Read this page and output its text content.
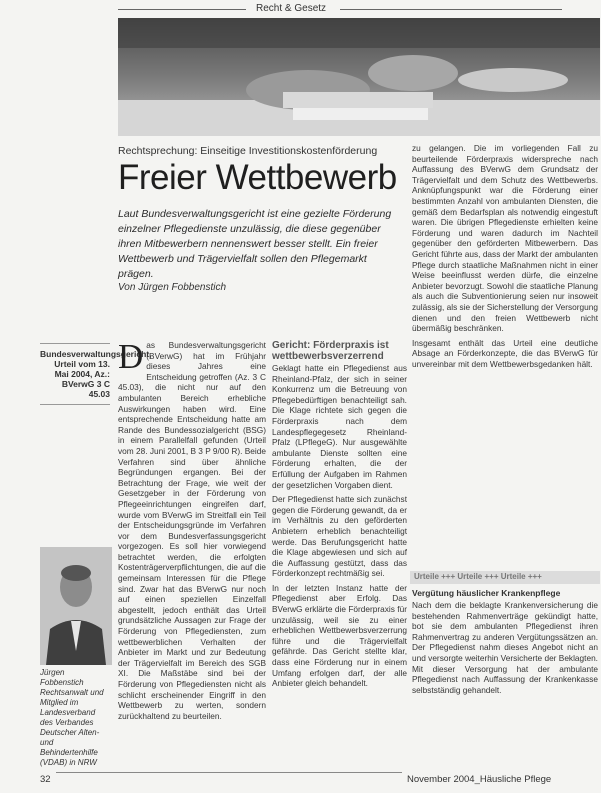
Recht & Gesetz
Rechtsprechung: Einseitige Investitionskostenförderung
Freier Wettbewerb
Laut Bundesverwaltungsgericht ist eine gezielte Förderung einzelner Pflegedienste unzulässig, die diese gegenüber ihren Mitbewerbern nennenswert besser stellt. Ein freier Wettbewerb und Trägervielfalt sollen den Pflegemarkt prägen.
Von Jürgen Fobbenstich
Bundesverwaltungsgericht, Urteil vom 13. Mai 2004, Az.: BVerwG 3 C 45.03
Jürgen Fobbenstich Rechtsanwalt und Mitglied im Landesverband des Verbandes Deutscher Alten- und Behindertenhilfe (VDAB) in NRW
Das Bundesverwaltungsgericht (BVerwG) hat im Frühjahr dieses Jahres eine Entscheidung getroffen (Az. 3 C 45.03), die nicht nur auf den ambulanten Bereich erhebliche Auswirkungen haben wird. Eine entsprechende Entscheidung hatte am Rande des Bundessozialgericht (BSG) in einem Parallelfall gefunden (Urteil vom 28. Juni 2001, B 3 P 9/00 R). Beide Verfahren sind über ähnliche Begründungen ergangen. Bei der Betrachtung der Frage, wie weit der Gesetzgeber in der Förderung von Pflegeeinrichtungen eingreifen darf, wurde vom BVerwG im Streitfall ein Teil der Entscheidungsgründe im Verfahren vor dem Bundesverfassungsgericht vorgezogen. Es soll hier vorwiegend betrachtet werden, die erfolgten Kostenträgerverpflichtungen, die auf die gemeinsam Interessen für die Pflege sind. Zwar hat das BVerwG nur noch auf einen speziellen Einzelfall abgestellt, jedoch enthält das Urteil grundsätzliche Aussagen zur Frage der Förderung von Pflegediensten, zum wettbewerblichen Verhalten der Anbieter im Markt und zur Bedeutung der Trägervielfalt im Bereich des SGB XI. Die Maßstäbe sind bei der Förderung von Pflegediensten nicht als schlicht erscheinender Eingriff in den Wettbewerb zu werten, sondern zurückhaltend zu beurteilen.
Gericht: Förderpraxis ist wettbewerbsverzerrend

Geklagt hatte ein Pflegedienst aus Rheinland-Pfalz, der sich in seiner Konkurrenz um die Betreuung von Pflegebedürftigen benachteiligt sah. Die Klage richtete sich gegen die Förderpraxis nach dem Landespflegegesetz Rheinland-Pfalz (LPflegeG). Nur ausgewählte ambulante Dienste sollten eine Förderung erhalten, die der Erfüllung der Aufgaben im Rahmen der gesetzlichen Vorgaben dient.

Der Pflegedienst hatte sich zunächst gegen die Förderung gewandt, da er im Verhältnis zu den geförderten Anbietern erheblich benachteiligt werde. Das Berufungsgericht hatte die Klage abgewiesen und sich auf die Auffassung gestützt, dass das Förderkonzept rechtmäßig sei.

In der letzten Instanz hatte der Pflegedienst aber Erfolg. Das BVerwG erklärte die Förderpraxis für unzulässig, weil sie zu einer erheblichen Wettbewerbsverzerrung führe und die Trägervielfalt gefährde. Das Gericht stellte klar, dass eine Förderung nur in einem Umfang erfolgen darf, der alle Anbieter gleich behandelt.

zu gelangen. Die im vorliegenden Fall zu beurteilende Förderpraxis widerspreche nach Auffassung des BVerwG dem Grundsatz der Trägervielfalt und dem Schutz des Wettbewerbs. Anknüpfungspunkt war die Förderung einer bestimmten Anzahl von ambulanten Diensten, die gemäß dem Bedarfsplan als notwendig eingestuft waren. Die übrigen Pflegedienste erhielten keine Förderung und waren dadurch im Nachteil gegenüber den geförderten Mitbewerbern. Das Gericht führte aus, dass der Markt der ambulanten Pflege durch staatliche Maßnahmen nicht in einer Weise beeinflusst werden dürfe, die einzelne Anbieter bevorzugt. Sowohl die staatliche Planung als auch die Subventionierung seien nur insoweit zulässig, als sie der Sicherstellung der Versorgung dienen und den freien Wettbewerb nicht übermäßig beschränken.

Insgesamt enthält das Urteil eine deutliche Absage an Förderkonzepte, die das BVerwG für unvereinbar mit dem Wettbewerbsgedanken hält.

Urteile +++ Urteile +++ Urteile +++
Vergütung häuslicher Krankenpflege
Nach dem die beklagte Krankenversicherung die bestehenden Rahmenverträge gekündigt hatte, bot sie dem ambulanten Pflegedienst ihren Rahmenvertrag zu anderen Vergütungssätzen an. Der Pflegedienst nahm dieses Angebot nicht an und versorgte weiterhin Versicherte der Beklagten. Mit dieser Versorgung hat der ambulante Pflegedienst nach Auffassung der Krankenkasse selbstständig gehandelt.
32	November 2004_Häusliche Pflege
